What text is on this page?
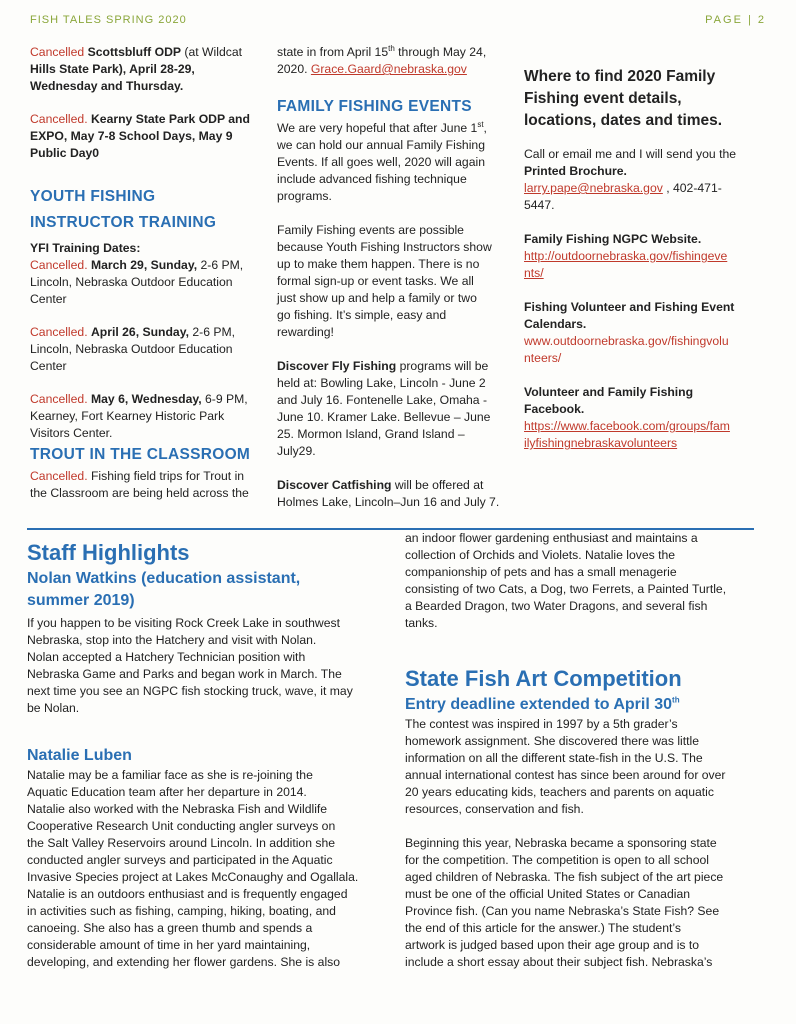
FISH TALES SPRING 2020	PAGE | 2

Cancelled Scottsbluff ODP (at Wildcat
Hills State Park), April 28-29,
Wednesday and Thursday.

Cancelled. Kearny State Park ODP and
EXPO, May 7-8 School Days, May 9
Public Day0

YOUTH FISHING
INSTRUCTOR TRAINING

YFI Training Dates:

Cancelled. March 29, Sunday, 2-6 PM,
Lincoln, Nebraska Outdoor Education
Center

Cancelled. April 26, Sunday, 2-6 PM,
Lincoln, Nebraska Outdoor Education
Center

Cancelled. May 6, Wednesday, 6-9 PM,
Kearney, Fort Kearney Historic Park
Visitors Center.

TROUT IN THE CLASSROOM

Cancelled. Fishing field trips for Trout in
the Classroom are being held across the

state in from April 15th through May 24,
2020. Grace.Gaard@nebraska.gov

FAMILY FISHING EVENTS

We are very hopeful that after June 1st,
we can hold our annual Family Fishing
Events. If all goes well, 2020 will again
include advanced fishing technique
programs.

Family Fishing events are possible
because Youth Fishing Instructors show
up to make them happen. There is no
formal sign-up or event tasks. We all
just show up and help a family or two
go fishing. It’s simple, easy and
rewarding!

Discover Fly Fishing programs will be
held at: Bowling Lake, Lincoln - June 2
and July 16. Fontenelle Lake, Omaha -
June 10. Kramer Lake. Bellevue – June
25. Mormon Island, Grand Island –
July29.

Discover Catfishing will be offered at
Holmes Lake, Lincoln–Jun 16 and July 7.

Where to find 2020 Family
Fishing event details,
locations, dates and times.

Call or email me and I will send you the
Printed Brochure.
larry.pape@nebraska.gov , 402-471-
5447.

Family Fishing NGPC Website.
http://outdoornebraska.gov/fishingeve
nts/

Fishing Volunteer and Fishing Event
Calendars.
www.outdoornebraska.gov/fishingvolu
nteers/

Volunteer and Family Fishing
Facebook.
https://www.facebook.com/groups/fam
ilyfishingnebraskavolunteers

Staff Highlights
Nolan Watkins (education assistant,
summer 2019)

If you happen to be visiting Rock Creek Lake in southwest
Nebraska, stop into the Hatchery and visit with Nolan.
Nolan accepted a Hatchery Technician position with
Nebraska Game and Parks and began work in March. The
next time you see an NGPC fish stocking truck, wave, it may
be Nolan.

Natalie Luben

Natalie may be a familiar face as she is re-joining the
Aquatic Education team after her departure in 2014.
Natalie also worked with the Nebraska Fish and Wildlife
Cooperative Research Unit conducting angler surveys on
the Salt Valley Reservoirs around Lincoln. In addition she
conducted angler surveys and participated in the Aquatic
Invasive Species project at Lakes McConaughy and Ogallala.
Natalie is an outdoors enthusiast and is frequently engaged
in activities such as fishing, camping, hiking, boating, and
canoeing. She also has a green thumb and spends a
considerable amount of time in her yard maintaining,
developing, and extending her flower gardens. She is also

an indoor flower gardening enthusiast and maintains a
collection of Orchids and Violets. Natalie loves the
companionship of pets and has a small menagerie
consisting of two Cats, a Dog, two Ferrets, a Painted Turtle,
a Bearded Dragon, two Water Dragons, and several fish
tanks.

State Fish Art Competition
Entry deadline extended to April 30th

The contest was inspired in 1997 by a 5th grader’s
homework assignment. She discovered there was little
information on all the different state-fish in the U.S. The
annual international contest has since been around for over
20 years educating kids, teachers and parents on aquatic
resources, conservation and fish.

Beginning this year, Nebraska became a sponsoring state
for the competition. The competition is open to all school
aged children of Nebraska. The fish subject of the art piece
must be one of the official United States or Canadian
Province fish. (Can you name Nebraska’s State Fish? See
the end of this article for the answer.) The student’s
artwork is judged based upon their age group and is to
include a short essay about their subject fish. Nebraska’s
